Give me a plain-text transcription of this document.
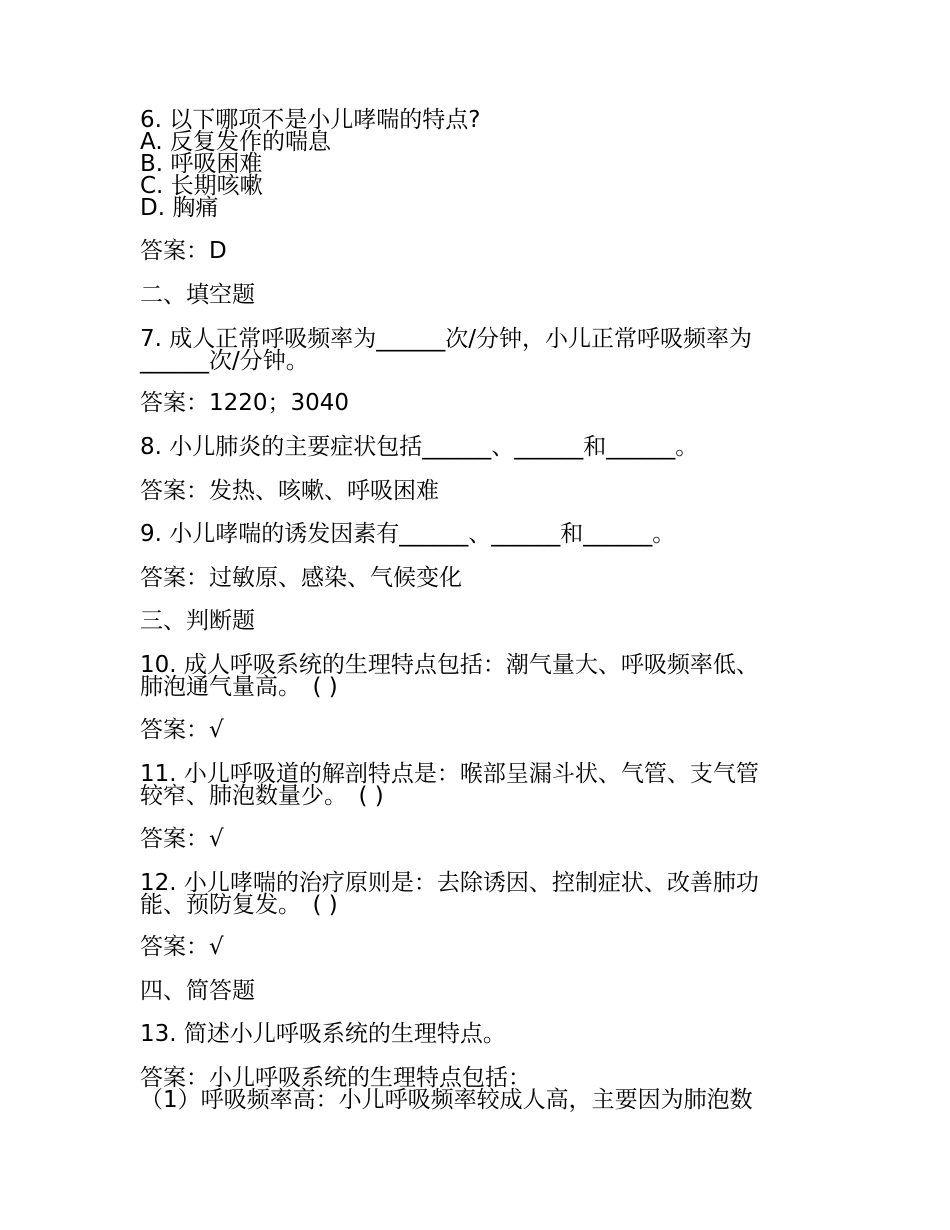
6. 以下哪项不是小儿哮喘的特点?
A. 反复发作的喘息
B. 呼吸困难
C. 长期咳嗽
D. 胸痛
答案：D
二、填空题
7. 成人正常呼吸频率为______次/分钟，小儿正常呼吸频率为
______次/分钟。
答案：1220；3040
8. 小儿肺炎的主要症状包括______、______和______。
答案：发热、咳嗽、呼吸困难
9. 小儿哮喘的诱发因素有______、______和______。
答案：过敏原、感染、气候变化
三、判断题
10. 成人呼吸系统的生理特点包括：潮气量大、呼吸频率低、
肺泡通气量高。　( )
答案：√
11. 小儿呼吸道的解剖特点是：喉部呈漏斗状、气管、支气管
较窄、肺泡数量少。　( )
答案：√
12. 小儿哮喘的治疗原则是：去除诱因、控制症状、改善肺功
能、预防复发。　( )
答案：√
四、简答题
13. 简述小儿呼吸系统的生理特点。
答案：小儿呼吸系统的生理特点包括：
（1）呼吸频率高：小儿呼吸频率较成人高，主要因为肺泡数
